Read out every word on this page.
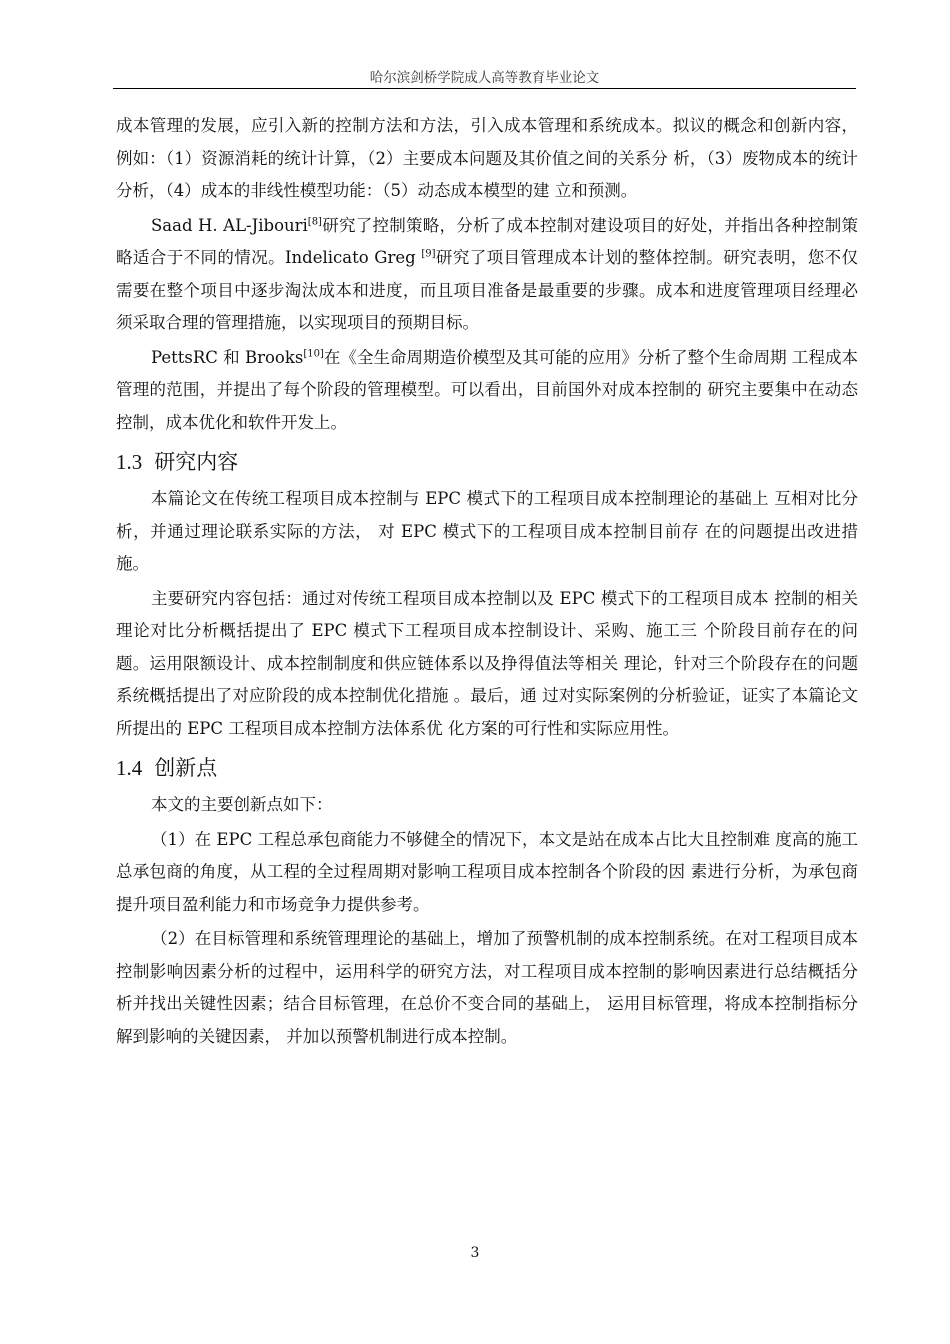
哈尔滨剑桥学院成人高等教育毕业论文

成本管理的发展，应引入新的控制方法和方法，引入成本管理和系统成本。拟议的概念和创新内容，例如：（1）资源消耗的统计计算，（2）主要成本问题及其价值之间的关系分 析，（3）废物成本的统计分析，（4）成本的非线性模型功能：（5）动态成本模型的建 立和预测。

Saad H. AL-Jibouri[8]研究了控制策略，分析了成本控制对建设项目的好处，并指出各种控制策略适合于不同的情况。Indelicato Greg [9]研究了项目管理成本计划的整体控制。研究表明，您不仅需要在整个项目中逐步淘汰成本和进度，而且项目准备是最重要的步骤。成本和进度管理项目经理必须采取合理的管理措施，以实现项目的预期目标。

PettsRC 和 Brooks[10]在《全生命周期造价模型及其可能的应用》分析了整个生命周期 工程成本管理的范围，并提出了每个阶段的管理模型。可以看出，目前国外对成本控制的 研究主要集中在动态控制，成本优化和软件开发上。

1.3 研究内容

本篇论文在传统工程项目成本控制与 EPC 模式下的工程项目成本控制理论的基础上 互相对比分析，并通过理论联系实际的方法， 对 EPC 模式下的工程项目成本控制目前存 在的问题提出改进措施。

主要研究内容包括：通过对传统工程项目成本控制以及 EPC 模式下的工程项目成本 控制的相关理论对比分析概括提出了 EPC 模式下工程项目成本控制设计、采购、施工三 个阶段目前存在的问题。运用限额设计、成本控制制度和供应链体系以及挣得值法等相关 理论，针对三个阶段存在的问题系统概括提出了对应阶段的成本控制优化措施 。最后，通 过对实际案例的分析验证，证实了本篇论文所提出的 EPC 工程项目成本控制方法体系优 化方案的可行性和实际应用性。

1.4 创新点

本文的主要创新点如下：

（1）在 EPC 工程总承包商能力不够健全的情况下，本文是站在成本占比大且控制难 度高的施工总承包商的角度，从工程的全过程周期对影响工程项目成本控制各个阶段的因 素进行分析，为承包商提升项目盈利能力和市场竞争力提供参考。

（2）在目标管理和系统管理理论的基础上，增加了预警机制的成本控制系统。在对工程项目成本控制影响因素分析的过程中，运用科学的研究方法，对工程项目成本控制的影响因素进行总结概括分析并找出关键性因素；结合目标管理，在总价不变合同的基础上， 运用目标管理，将成本控制指标分解到影响的关键因素， 并加以预警机制进行成本控制。

3
